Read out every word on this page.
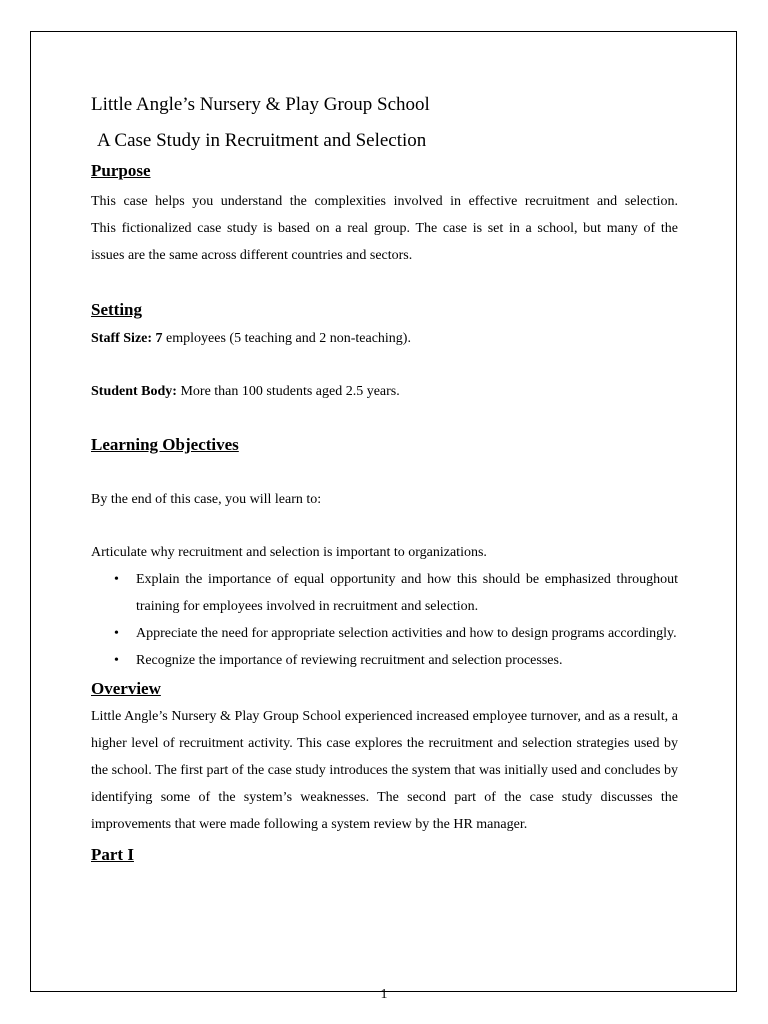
Little Angle’s Nursery & Play Group School
A Case Study in Recruitment and Selection
Purpose

This case helps you understand the complexities involved in effective recruitment and selection.

This fictionalized case study is based on a real group. The case is set in a school, but many of the

issues are the same across different countries and sectors.

Setting

Staff Size: 7 employees (5 teaching and 2 non-teaching).

Student Body: More than 100 students aged 2.5 years.

Learning Objectives

By the end of this case, you will learn to:

Articulate why recruitment and selection is important to organizations.

• Explain the importance of equal opportunity and how this should be emphasized throughout training for employees involved in recruitment and selection.
• Appreciate the need for appropriate selection activities and how to design programs accordingly.
• Recognize the importance of reviewing recruitment and selection processes.
Overview

Little Angle’s Nursery & Play Group School experienced increased employee turnover, and as a result, a higher level of recruitment activity. This case explores the recruitment and selection strategies used by the school. The first part of the case study introduces the system that was initially used and concludes by identifying some of the system’s weaknesses. The second part of the case study discusses the improvements that were made following a system review by the HR manager.

Part I
1
